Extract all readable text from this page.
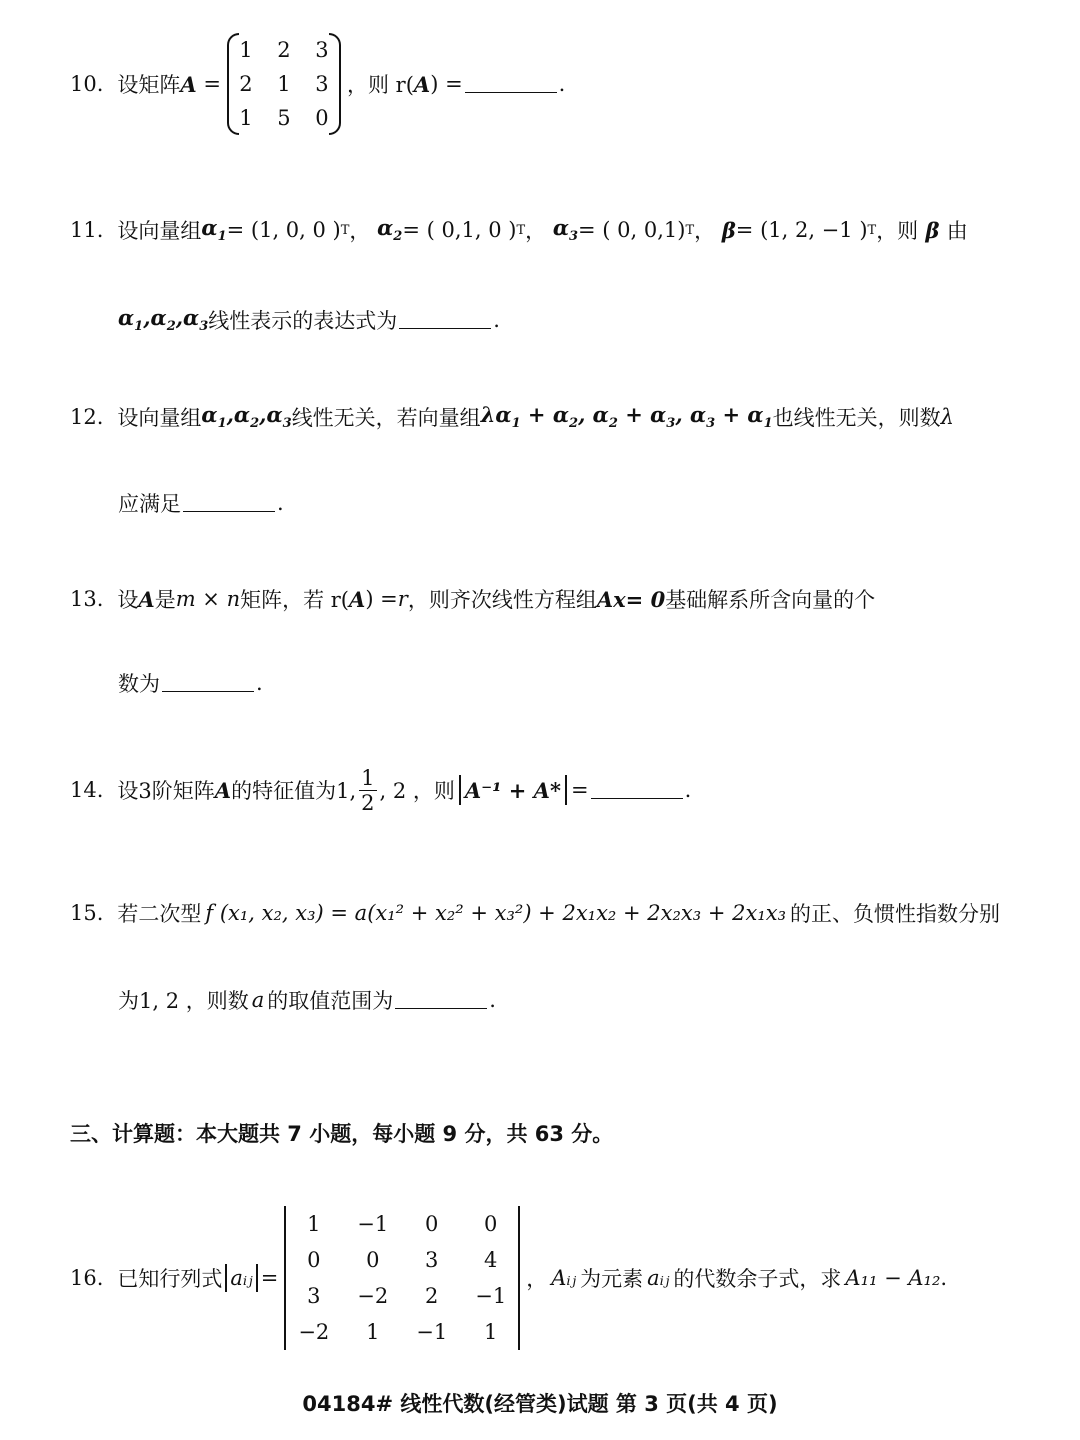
10. 设矩阵 A =
1	2	3
2	1	3
1	5	0
，则 r( A ) =	.
11. 设向量组 $\alpha_1 = (1$, 0, 0 ) T ， $\alpha_2$ = ( 0,1, 0 ) T ， $\alpha_3$ = ( 0, 0,1) T ， β = (1, 2, −1 ) T ，则 β 由
$\alpha_1,\alpha_2,\alpha_3$ 线性表示的表达式为	.
12. 设向量组 $\alpha_1,\alpha_2,\alpha_3$ 线性无关，若向量组 $\lambda\alpha_1 + \alpha_2$, $\alpha_2 + \alpha_3$, $\alpha_3 + \alpha_1$ 也线性无关，则数 λ
应满足	.
13. 设 A 是 m × n 矩阵，若 r( A ) = r ，则齐次线性方程组 Ax = 0 基础解系所含向量的个
数为	.
14. 设3阶矩阵 A 的特征值为1, $\frac{1}{2}$ , 2 ，则 A⁻¹ + A* =	.
15. 若二次型 f (x₁, x₂, x₃) = a(x₁² + x₂² + x₃²) + 2x₁x₂ + 2x₂x₃ + 2x₁x₃ 的正、负惯性指数分别
为1, 2 ，则数 a 的取值范围为	.
三、计算题：本大题共 7 小题，每小题 9 分，共 63 分。
16. 已知行列式 aᵢⱼ =
1	−1	0	0
0	0	3	4
3	−2	2	−1
−2	1	−1	1
， Aᵢⱼ 为元素 aᵢⱼ 的代数余子式，求 A₁₁ − A₁₂ .
04184# 线性代数(经管类)试题 第 3 页(共 4 页)
